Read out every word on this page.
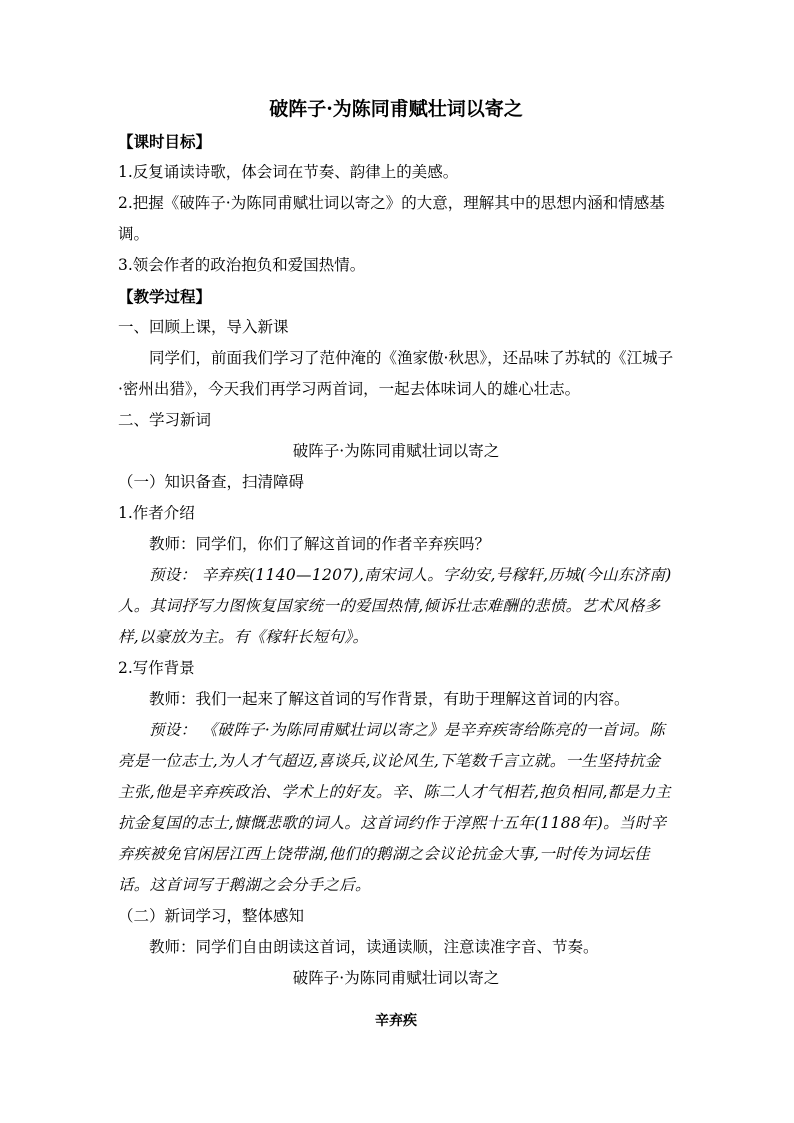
破阵子·为陈同甫赋壮词以寄之

【课时目标】

1.反复诵读诗歌，体会词在节奏、韵律上的美感。

2.把握《破阵子·为陈同甫赋壮词以寄之》的大意，理解其中的思想内涵和情感基调。

3.领会作者的政治抱负和爱国热情。

【教学过程】

一、回顾上课，导入新课

同学们，前面我们学习了范仲淹的《渔家傲·秋思》，还品味了苏轼的《江城子·密州出猎》，今天我们再学习两首词，一起去体味词人的雄心壮志。

二、学习新词

破阵子·为陈同甫赋壮词以寄之

（一）知识备查，扫清障碍

1.作者介绍

教师：同学们，你们了解这首词的作者辛弃疾吗？

预设： 辛弃疾(1140—1207),南宋词人。字幼安,号稼轩,历城(今山东济南)人。其词抒写力图恢复国家统一的爱国热情,倾诉壮志难酬的悲愤。艺术风格多样,以豪放为主。有《稼轩长短句》。

2.写作背景

教师：我们一起来了解这首词的写作背景，有助于理解这首词的内容。

预设： 《破阵子·为陈同甫赋壮词以寄之》是辛弃疾寄给陈亮的一首词。陈亮是一位志士,为人才气超迈,喜谈兵,议论风生,下笔数千言立就。一生坚持抗金主张,他是辛弃疾政治、学术上的好友。辛、陈二人才气相若,抱负相同,都是力主抗金复国的志士,慷慨悲歌的词人。这首词约作于淳熙十五年(1188年)。当时辛弃疾被免官闲居江西上饶带湖,他们的鹅湖之会议论抗金大事,一时传为词坛佳话。这首词写于鹅湖之会分手之后。

（二）新词学习，整体感知

教师：同学们自由朗读这首词，读通读顺，注意读准字音、节奏。

破阵子·为陈同甫赋壮词以寄之

辛弃疾
